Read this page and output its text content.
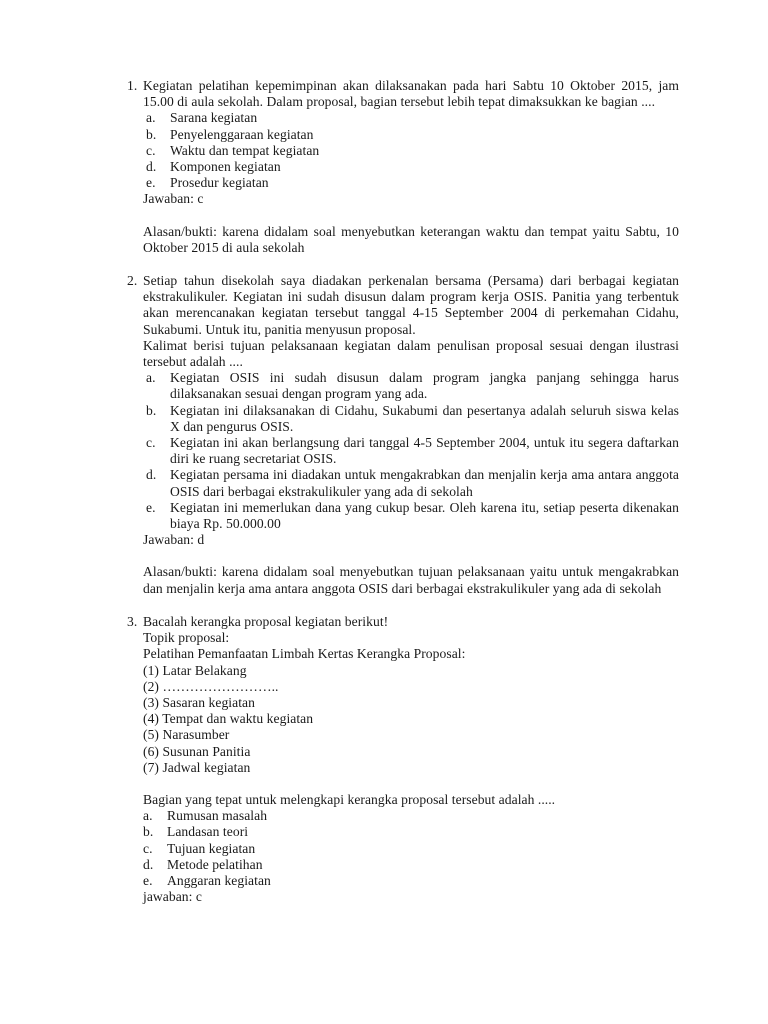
1. Kegiatan pelatihan kepemimpinan akan dilaksanakan pada hari Sabtu 10 Oktober 2015, jam 15.00 di aula sekolah. Dalam proposal, bagian tersebut lebih tepat dimaksukkan ke bagian ....

a.	Sarana kegiatan
b.	Penyelenggaraan kegiatan
c.	Waktu dan tempat kegiatan
d.	Komponen kegiatan
e.	Prosedur kegiatan

Jawaban: c

Alasan/bukti: karena didalam soal menyebutkan keterangan waktu dan tempat yaitu Sabtu, 10 Oktober 2015 di aula sekolah

2. Setiap tahun disekolah saya diadakan perkenalan bersama (Persama) dari berbagai kegiatan ekstrakulikuler. Kegiatan ini sudah disusun dalam program kerja OSIS. Panitia yang terbentuk akan merencanakan kegiatan tersebut tanggal 4-15 September 2004 di perkemahan Cidahu, Sukabumi. Untuk itu, panitia menyusun proposal.

Kalimat berisi tujuan pelaksanaan kegiatan dalam penulisan proposal sesuai dengan ilustrasi tersebut adalah ....

a.	Kegiatan OSIS ini sudah disusun dalam program jangka panjang sehingga harus dilaksanakan sesuai dengan program yang ada.
b.	Kegiatan ini dilaksanakan di Cidahu, Sukabumi dan pesertanya adalah seluruh siswa kelas X dan pengurus OSIS.
c.	Kegiatan ini akan berlangsung dari tanggal 4-5 September 2004, untuk itu segera daftarkan diri ke ruang secretariat OSIS.
d.	Kegiatan persama ini diadakan untuk mengakrabkan dan menjalin kerja ama antara anggota OSIS dari berbagai ekstrakulikuler yang ada di sekolah
e.	Kegiatan ini memerlukan dana yang cukup besar. Oleh karena itu, setiap peserta dikenakan biaya Rp. 50.000.00

Jawaban: d

Alasan/bukti: karena didalam soal menyebutkan tujuan pelaksanaan yaitu untuk mengakrabkan dan menjalin kerja ama antara anggota OSIS dari berbagai ekstrakulikuler yang ada di sekolah

3. Bacalah kerangka proposal kegiatan berikut!

Topik proposal:

Pelatihan Pemanfaatan Limbah Kertas Kerangka Proposal:

(1) Latar Belakang

(2) ……………………..

(3) Sasaran kegiatan

(4) Tempat dan waktu kegiatan

(5) Narasumber

(6) Susunan Panitia

(7) Jadwal kegiatan

Bagian yang tepat untuk melengkapi kerangka proposal tersebut adalah .....

a.	Rumusan masalah
b.	Landasan teori
c.	Tujuan kegiatan
d.	Metode pelatihan
e.	Anggaran kegiatan

jawaban: c
